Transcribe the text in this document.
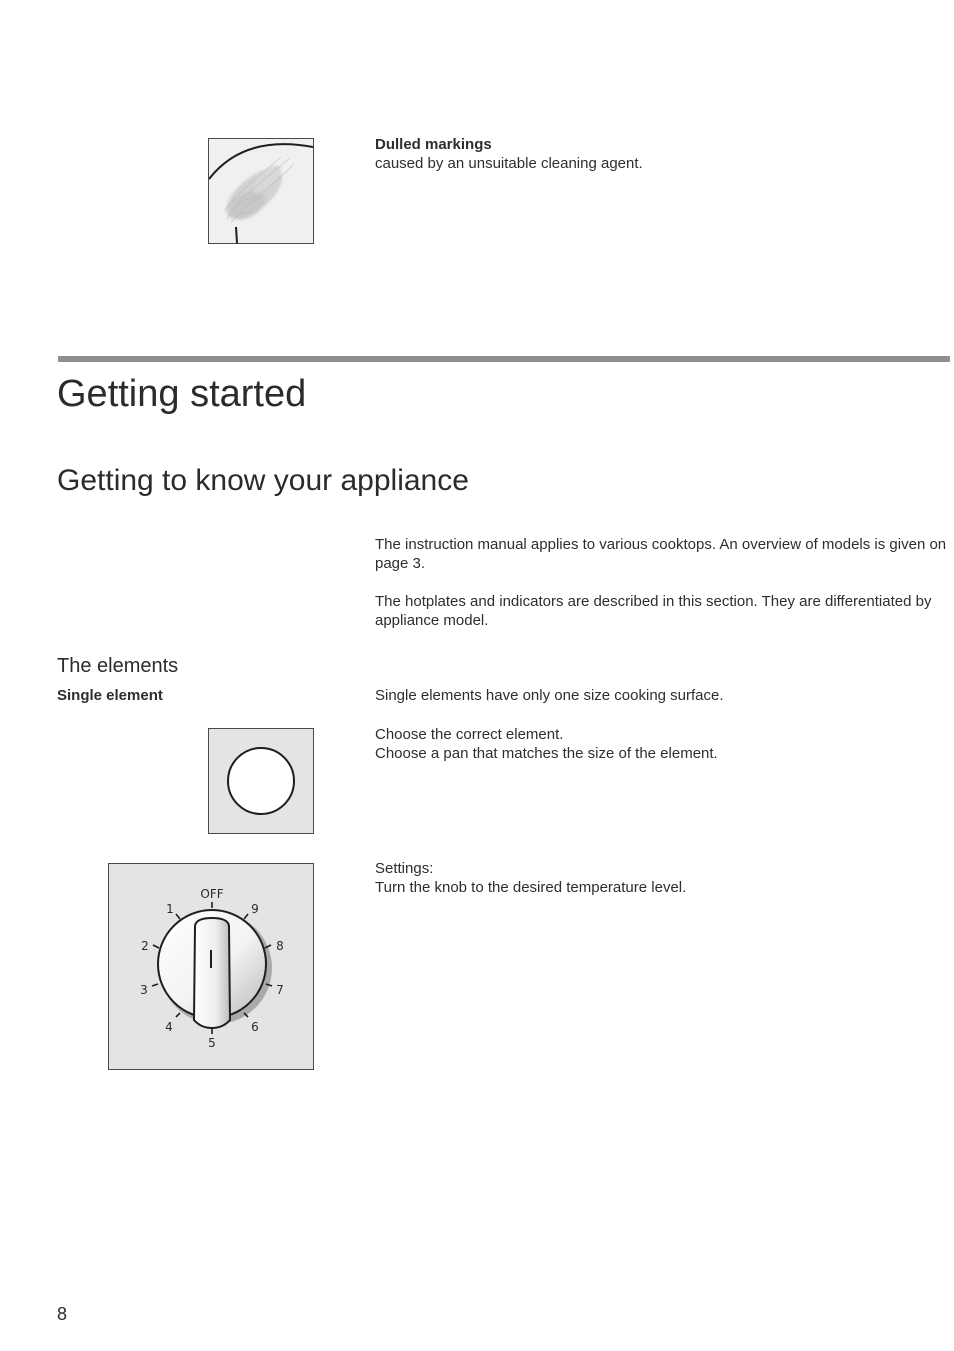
Dulled markings
caused by an unsuitable cleaning agent.
Getting started
Getting to know your appliance

The instruction manual applies to various cooktops. An overview of models is given on page 3.

The hotplates and indicators are described in this section. They are differentiated by appliance model.

The elements
Single element	Single elements have only one size cooking surface.
Choose the correct element.
Choose a pan that matches the size of the element.
Settings:
Turn the knob to the desired temperature level.
OFF
1
2
3
4
5
6
7
8
9
8
